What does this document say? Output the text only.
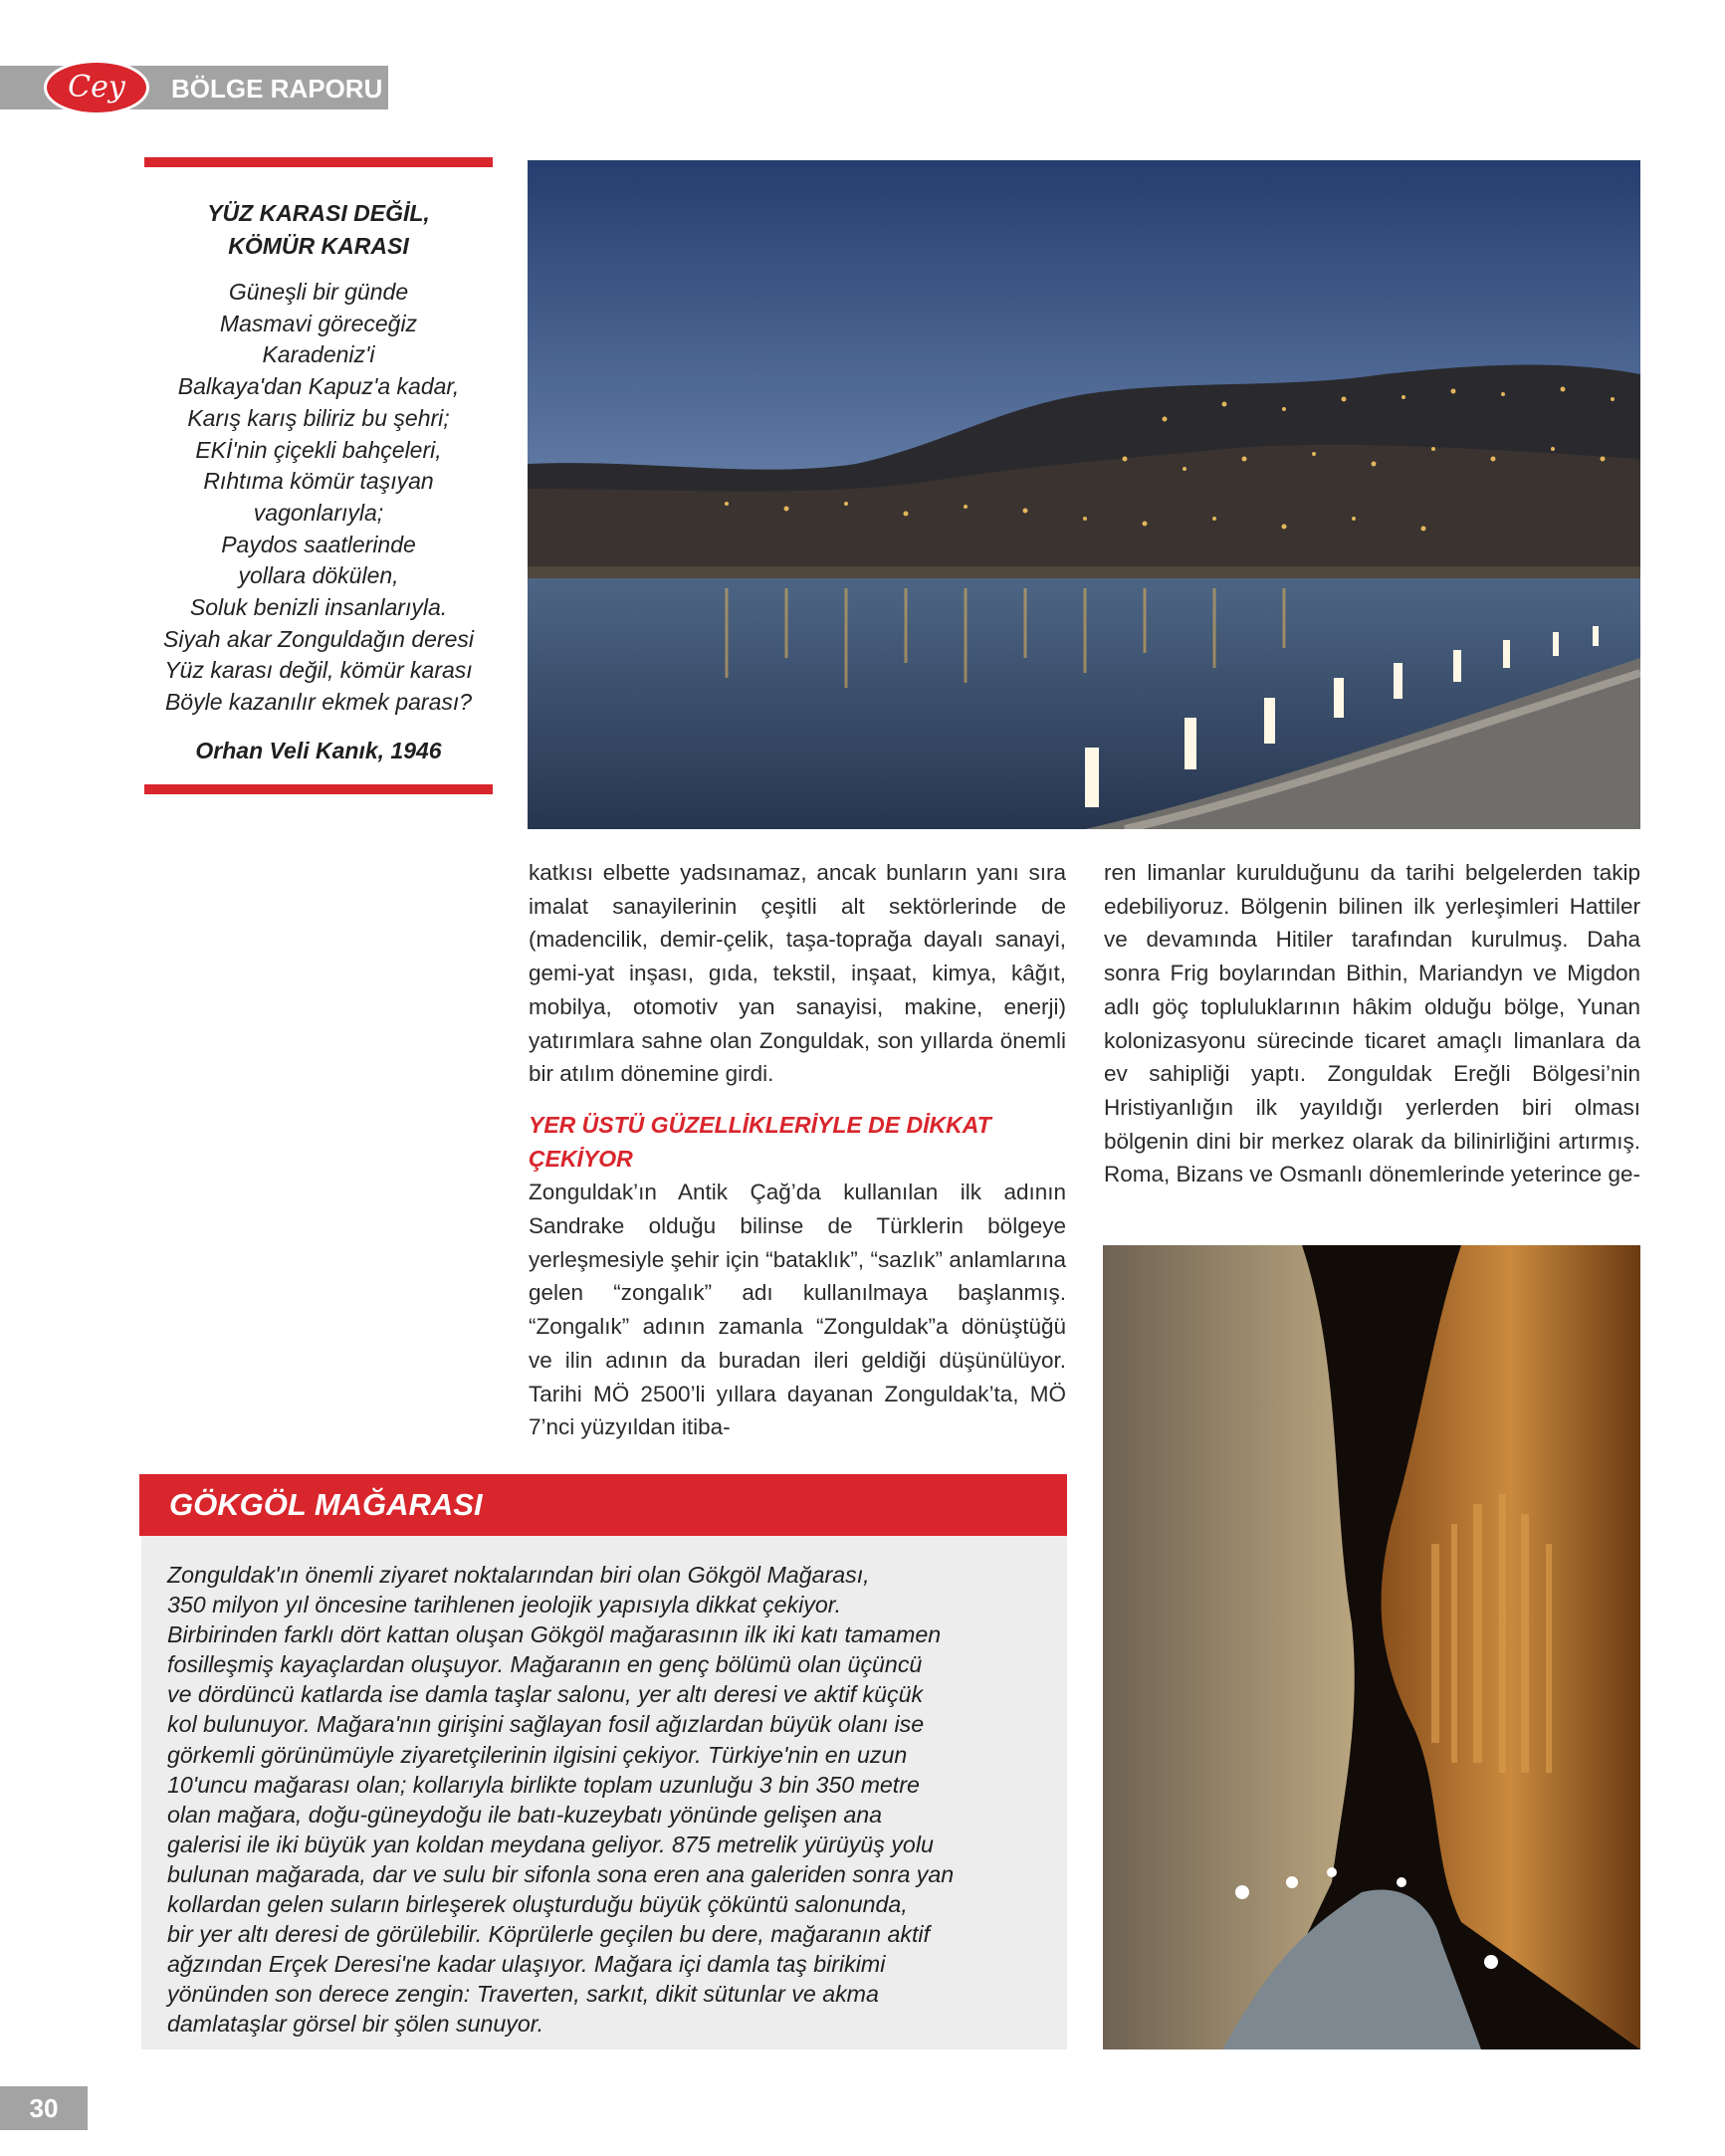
Cey BÖLGE RAPORU
YÜZ KARASI DEĞİL,
KÖMÜR KARASI
Güneşli bir günde
Masmavi göreceğiz
Karadeniz'i
Balkaya'dan Kapuz'a kadar,
Karış karış biliriz bu şehri;
EKİ'nin çiçekli bahçeleri,
Rıhtıma kömür taşıyan
vagonlarıyla;
Paydos saatlerinde
yollara dökülen,
Soluk benizli insanlarıyla.
Siyah akar Zonguldağın deresi
Yüz karası değil, kömür karası
Böyle kazanılır ekmek parası?
Orhan Veli Kanık, 1946

katkısı elbette yadsınamaz, ancak bunların yanı sıra imalat sanayilerinin çeşitli alt sektörlerinde de (madencilik, demir-çelik, taşa-toprağa dayalı sanayi, gemi-yat inşası, gıda, tekstil, inşaat, kimya, kâğıt, mobilya, otomotiv yan sanayisi, makine, enerji) yatırımlara sahne olan Zonguldak, son yıllarda önemli bir atılım dönemine girdi.

YER ÜSTÜ GÜZELLİKLERİYLE DE DİKKAT
ÇEKİYOR

Zonguldak’ın Antik Çağ’da kullanılan ilk adının Sandrake olduğu bilinse de Türklerin bölgeye yerleşmesiyle şehir için “bataklık”, “sazlık” anlamlarına gelen “zongalık” adı kullanılmaya başlanmış. “Zongalık” adının zamanla “Zonguldak”a dönüştüğü ve ilin adının da buradan ileri geldiği düşünülüyor. Tarihi MÖ 2500’li yıllara dayanan Zonguldak’ta, MÖ 7’nci yüzyıldan itiba-

ren limanlar kurulduğunu da tarihi belgelerden takip edebiliyoruz. Bölgenin bilinen ilk yerleşimleri Hattiler ve devamında Hitiler tarafından kurulmuş. Daha sonra Frig boylarından Bithin, Mariandyn ve Migdon adlı göç topluluklarının hâkim olduğu bölge, Yunan kolonizasyonu sürecinde ticaret amaçlı limanlara da ev sahipliği yaptı. Zonguldak Ereğli Bölgesi’nin Hristiyanlığın ilk yayıldığı yerlerden biri olması bölgenin dini bir merkez olarak da bilinirliğini artırmış. Roma, Bizans ve Osmanlı dönemlerinde yeterince ge-

GÖKGÖL MAĞARASI
Zonguldak'ın önemli ziyaret noktalarından biri olan Gökgöl Mağarası,
350 milyon yıl öncesine tarihlenen jeolojik yapısıyla dikkat çekiyor.
Birbirinden farklı dört kattan oluşan Gökgöl mağarasının ilk iki katı tamamen
fosilleşmiş kayaçlardan oluşuyor. Mağaranın en genç bölümü olan üçüncü
ve dördüncü katlarda ise damla taşlar salonu, yer altı deresi ve aktif küçük
kol bulunuyor. Mağara'nın girişini sağlayan fosil ağızlardan büyük olanı ise
görkemli görünümüyle ziyaretçilerinin ilgisini çekiyor. Türkiye'nin en uzun
10'uncu mağarası olan; kollarıyla birlikte toplam uzunluğu 3 bin 350 metre
olan mağara, doğu-güneydoğu ile batı-kuzeybatı yönünde gelişen ana
galerisi ile iki büyük yan koldan meydana geliyor. 875 metrelik yürüyüş yolu
bulunan mağarada, dar ve sulu bir sifonla sona eren ana galeriden sonra yan
kollardan gelen suların birleşerek oluşturduğu büyük çöküntü salonunda,
bir yer altı deresi de görülebilir. Köprülerle geçilen bu dere, mağaranın aktif
ağzından Erçek Deresi'ne kadar ulaşıyor. Mağara içi damla taş birikimi
yönünden son derece zengin: Traverten, sarkıt, dikit sütunlar ve akma
damlataşlar görsel bir şölen sunuyor.
30
